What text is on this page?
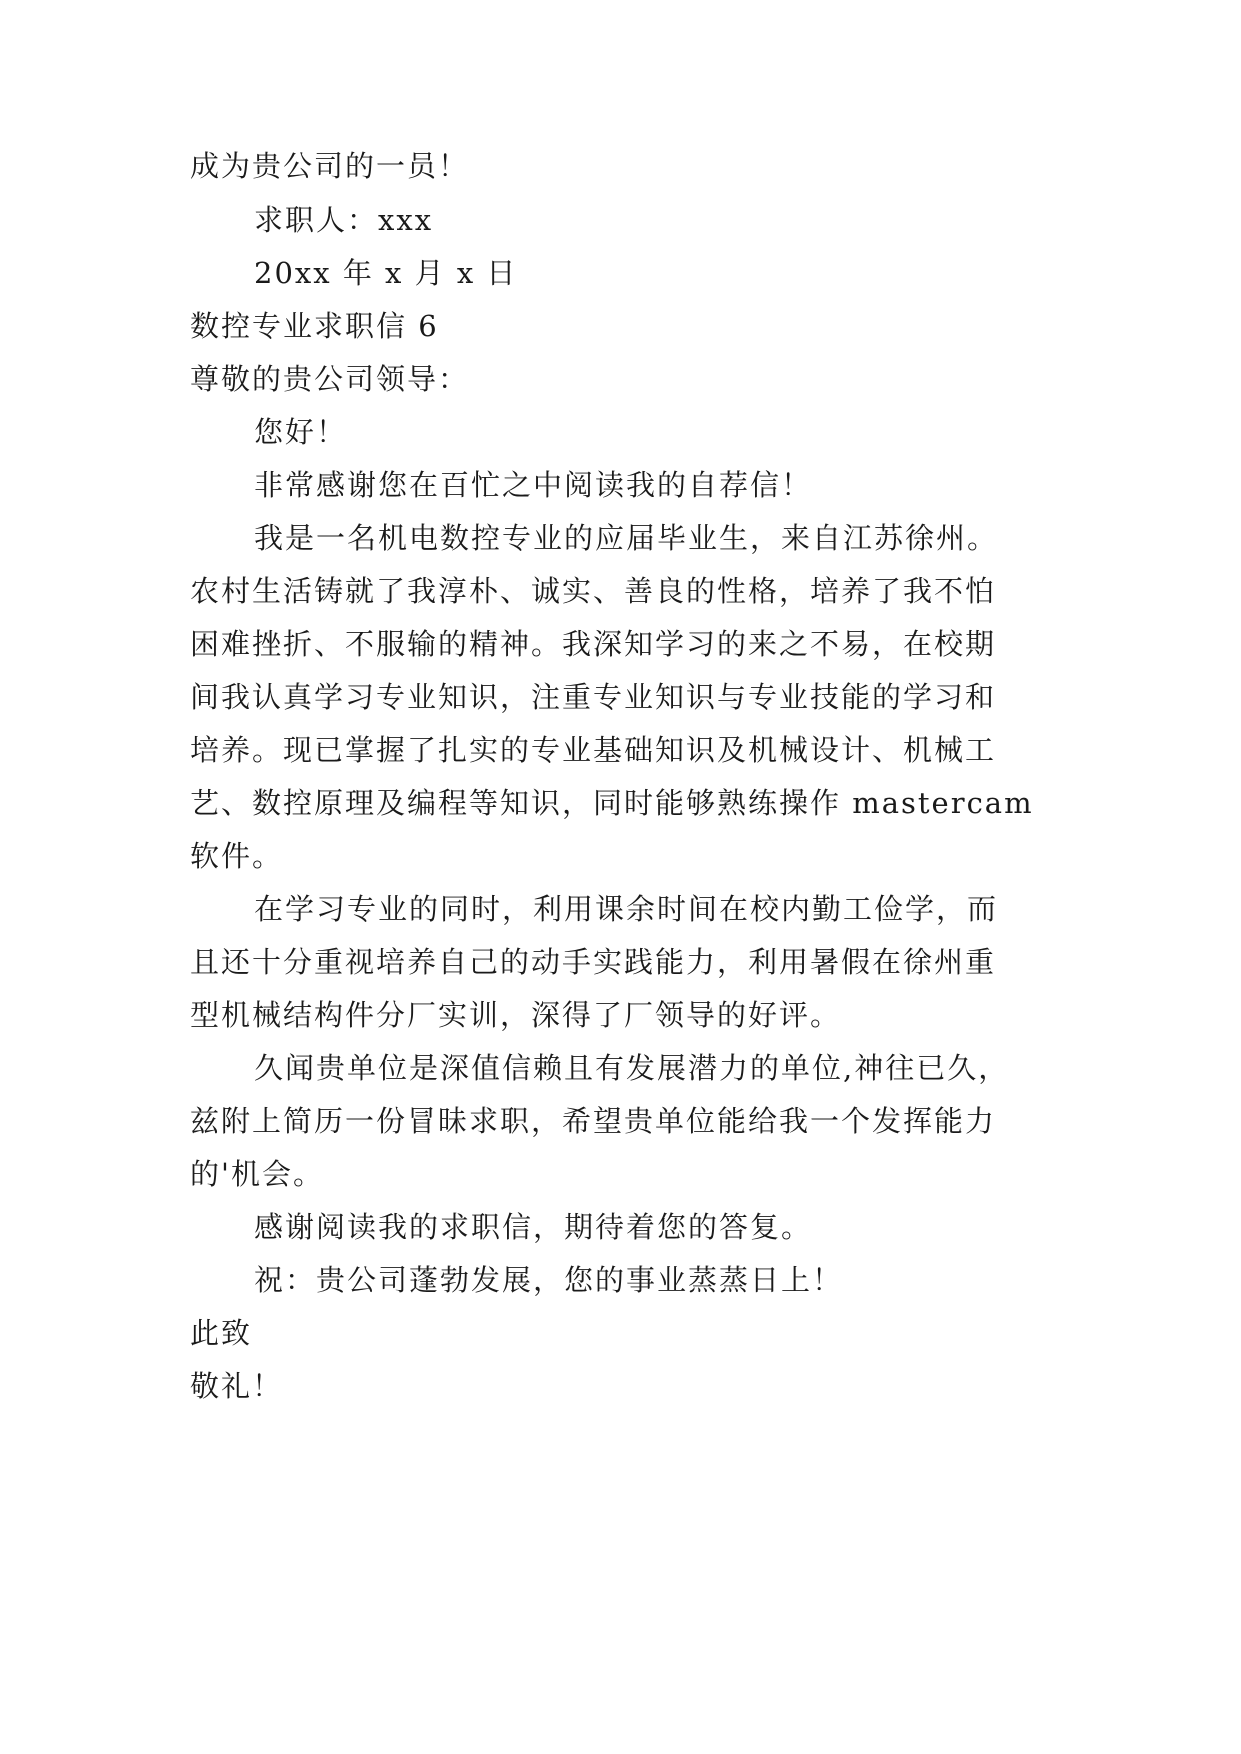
成为贵公司的一员！
求职人：xxx
20xx 年 x 月 x 日
数控专业求职信 6
尊敬的贵公司领导：
您好！
非常感谢您在百忙之中阅读我的自荐信！
我是一名机电数控专业的应届毕业生，来自江苏徐州。
农村生活铸就了我淳朴、诚实、善良的性格，培养了我不怕
困难挫折、不服输的精神。我深知学习的来之不易，在校期
间我认真学习专业知识，注重专业知识与专业技能的学习和
培养。现已掌握了扎实的专业基础知识及机械设计、机械工
艺、数控原理及编程等知识，同时能够熟练操作 mastercam
软件。
在学习专业的同时，利用课余时间在校内勤工俭学，而
且还十分重视培养自己的动手实践能力，利用暑假在徐州重
型机械结构件分厂实训，深得了厂领导的好评。
久闻贵单位是深值信赖且有发展潜力的单位,神往已久，
兹附上简历一份冒昧求职，希望贵单位能给我一个发挥能力
的'机会。
感谢阅读我的求职信，期待着您的答复。
祝：贵公司蓬勃发展，您的事业蒸蒸日上！
此致
敬礼！
